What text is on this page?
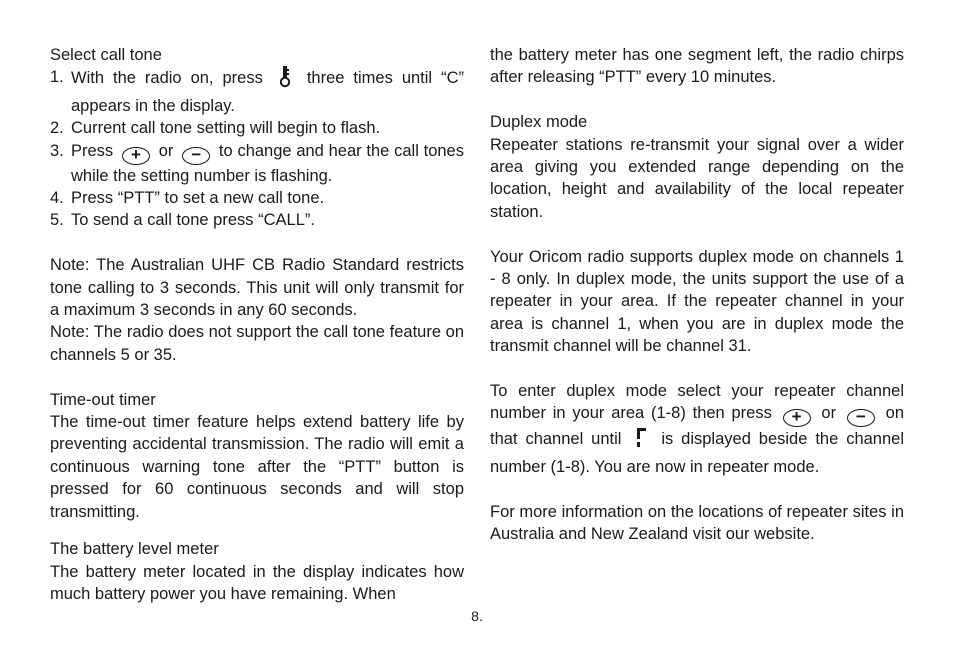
Select call tone

1. With the radio on, press	three times until “C” appears in the display.
2. Current call tone setting will begin to flash.
3. Press + or − to change and hear the call tones while the setting number is flashing.
4. Press “PTT” to set a new call tone.
5. To send a call tone press “CALL”.

Note: The Australian UHF CB Radio Standard restricts tone calling to 3 seconds. This unit will only transmit for a maximum 3 seconds in any 60 seconds.

Note: The radio does not support the call tone feature on channels 5 or 35.

Time-out timer

The time-out timer feature helps extend battery life by preventing accidental transmission. The radio will emit a continuous warning tone after the “PTT” button is pressed for 60 continuous seconds and will stop transmitting.

The battery level meter

The battery meter located in the display indicates how much battery power you have remaining. When

the battery meter has one segment left, the radio chirps after releasing “PTT” every 10 minutes.

Duplex mode

Repeater stations re-transmit your signal over a wider area giving you extended range depending on the location, height and availability of the local repeater station.

Your Oricom radio supports duplex mode on channels 1 - 8 only. In duplex mode, the units support the use of a repeater in your area. If the repeater channel in your area is channel 1, when you are in duplex mode the transmit channel will be channel 31.

To enter duplex mode select your repeater channel number in your area (1-8) then press + or − on that channel until is displayed beside the channel number (1-8). You are now in repeater mode.

For more information on the locations of repeater sites in Australia and New Zealand visit our website.

8.
